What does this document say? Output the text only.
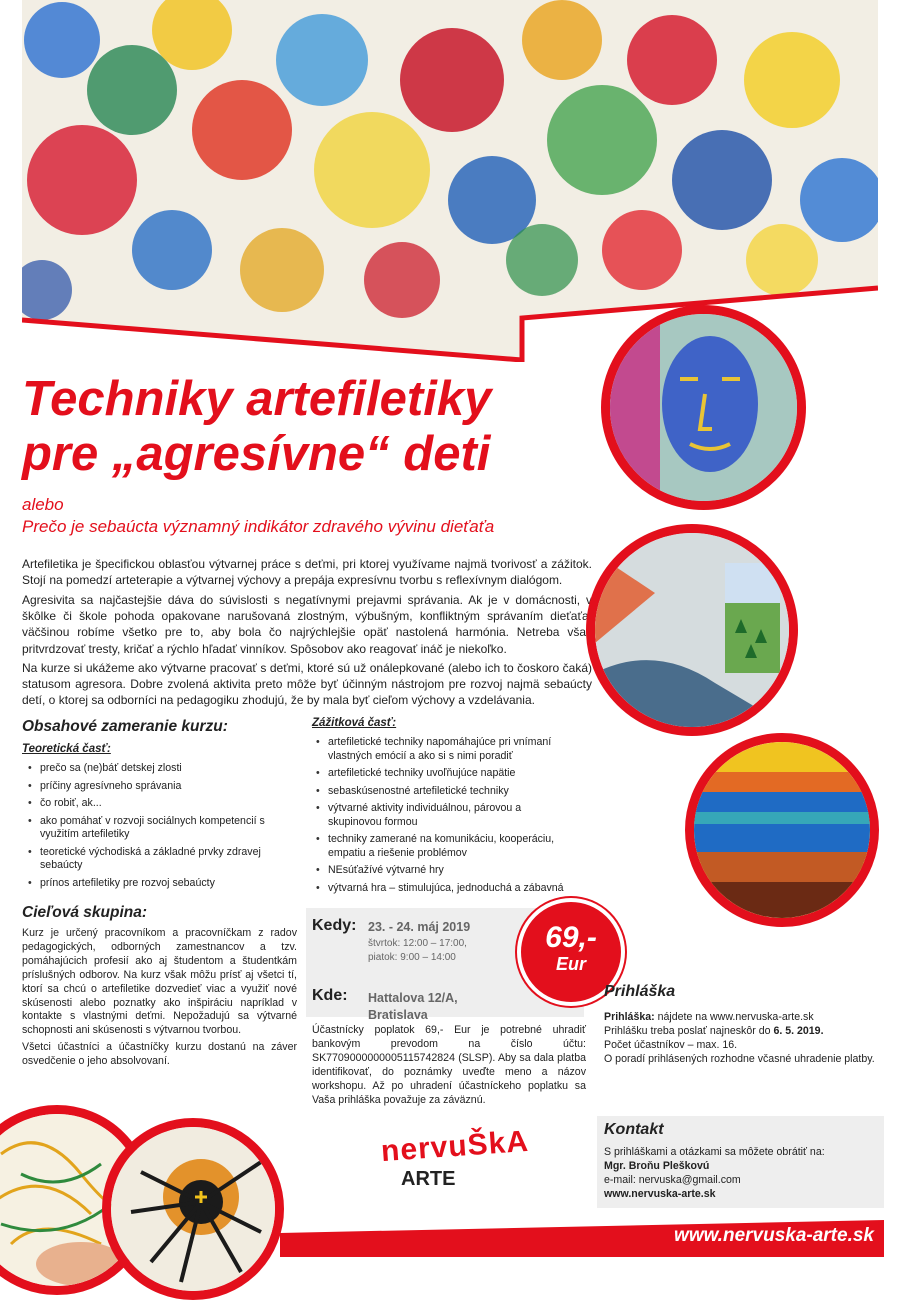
Techniky artefiletiky
pre „agresívne“ deti
alebo
Prečo je sebaúcta významný indikátor zdravého vývinu dieťaťa

Artefiletika je špecifickou oblasťou výtvarnej práce s deťmi, pri ktorej využívame najmä tvorivosť a zážitok. Stojí na pomedzí arteterapie a výtvarnej výchovy a prepája expresívnu tvorbu s reflexívnym dialógom.

Agresivita sa najčastejšie dáva do súvislosti s negatívnymi prejavmi správania. Ak je v domácnosti, v škôlke či škole pohoda opakovane narušovaná zlostným, výbušným, konfliktným správaním dieťaťa, väčšinou robíme všetko pre to, aby bola čo najrýchlejšie opäť nastolená harmónia. Netreba však pritvrdzovať tresty, kričať a rýchlo hľadať vinníkov. Spôsobov ako reagovať ináč je niekoľko.

Na kurze si ukážeme ako výtvarne pracovať s deťmi, ktoré sú už onálepkované (alebo ich to čoskoro čaká) statusom agresora. Dobre zvolená aktivita preto môže byť účinným nástrojom pre rozvoj najmä sebaúcty detí, o ktorej sa odborníci na pedagogiku zhodujú, že by mala byť cieľom výchovy a vzdelávania.

Obsahové zameranie kurzu:
Teoretická časť:
• prečo sa (ne)báť detskej zlosti
• príčiny agresívneho správania
• čo robiť, ak...
• ako pomáhať v rozvoji sociálnych kompetencií s využitím artefiletiky
• teoretické východiská a základné prvky zdravej sebaúcty
• prínos artefiletiky pre rozvoj sebaúcty
Zážitková časť:
• artefiletické techniky napomáhajúce pri vnímaní vlastných emócií a ako si s nimi poradiť
• artefiletické techniky uvoľňujúce napätie
• sebaskúsenostné artefiletické techniky
• výtvarné aktivity individuálnou, párovou a skupinovou formou
• techniky zamerané na komunikáciu, kooperáciu, empatiu a riešenie problémov
• NEsúťažívé výtvarné hry
• výtvarná hra – stimulujúca, jednoduchá a zábavná
Cieľová skupina:

Kurz je určený pracovníkom a pracovníčkam z radov pedagogických, odborných zamestnancov a tzv. pomáhajúcich profesií ako aj študentom a študentkám príslušných odborov. Na kurz však môžu prísť aj všetci tí, ktorí sa chcú o artefiletike dozvedieť viac a využiť nové skúsenosti alebo poznatky ako inšpiráciu napríklad v kontakte s vlastnými deťmi. Nepožadujú sa výtvarné schopnosti ani skúsenosti s výtvarnou tvorbou.

Všetci účastníci a účastníčky kurzu dostanú na záver osvedčenie o jeho absolvovaní.

Kedy: 23. - 24. máj 2019
štvrtok: 12:00 – 17:00,
piatok: 9:00 – 14:00
Kde: Hattalova 12/A,
Bratislava

Účastnícky poplatok 69,- Eur je potrebné uhradiť bankovým prevodom na číslo účtu: SK7709000000005115742824 (SLSP). Aby sa dala platba identifikovať, do poznámky uveďte meno a názov workshopu. Až po uhradení účastníckeho poplatku sa Vaša prihláška považuje za záväznú.

69,-
Eur
Prihláška
Prihláška: nájdete na www.nervuska-arte.sk
Prihlášku treba poslať najneskôr do 6. 5. 2019.
Počet účastníkov – max. 16.
O poradí prihlásených rozhodne včasné uhradenie platby.
Kontakt
S prihláškami a otázkami sa môžete obrátiť na:
Mgr. Broňu Pleškovú
e-mail: nervuska@gmail.com
www.nervuska-arte.sk
nervuŠkA
ARTE
www.nervuska-arte.sk
